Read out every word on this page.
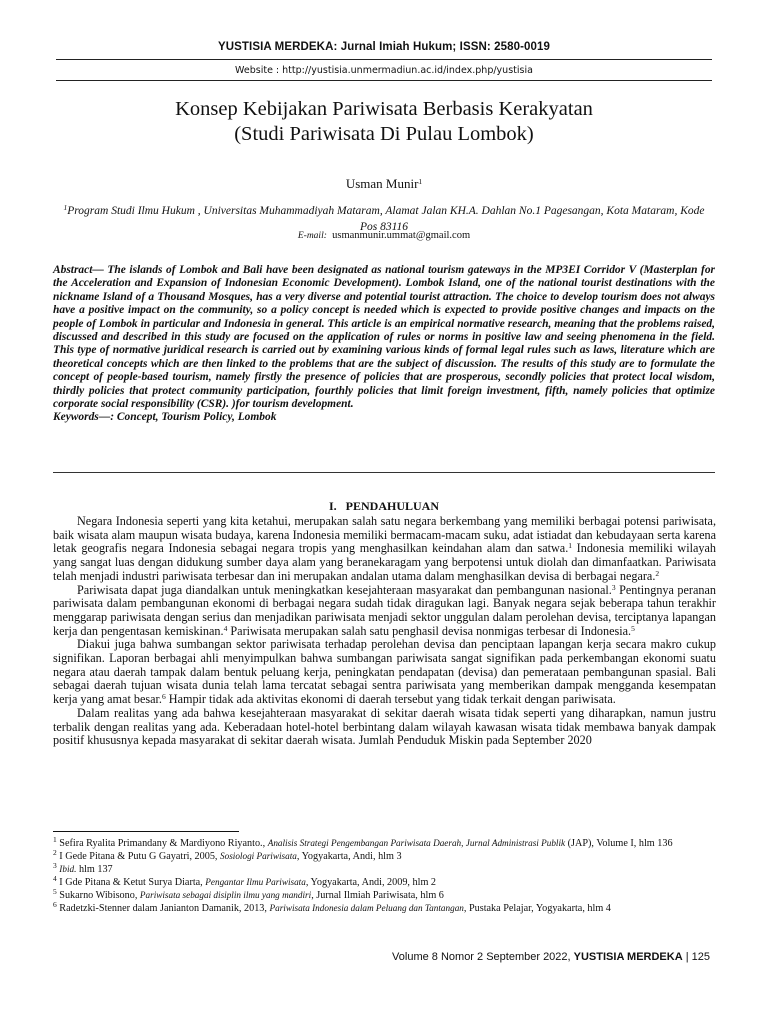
YUSTISIA MERDEKA: Jurnal Imiah Hukum; ISSN: 2580-0019
Website : http://yustisia.unmermadiun.ac.id/index.php/yustisia
Konsep Kebijakan Pariwisata Berbasis Kerakyatan
(Studi Pariwisata Di Pulau Lombok)
Usman Munir$^1$
$^1$Program Studi Ilmu Hukum , Universitas Muhammadiyah Mataram, Alamat Jalan KH.A. Dahlan No.1 Pagesangan, Kota Mataram, Kode Pos 83116
E-mail: usmanmunir.ummat@gmail.com

Abstract— The islands of Lombok and Bali have been designated as national tourism gateways in the MP3EI Corridor V (Masterplan for the Acceleration and Expansion of Indonesian Economic Development). Lombok Island, one of the national tourist destinations with the nickname Island of a Thousand Mosques, has a very diverse and potential tourist attraction. The choice to develop tourism does not always have a positive impact on the community, so a policy concept is needed which is expected to provide positive changes and impacts on the people of Lombok in particular and Indonesia in general. This article is an empirical normative research, meaning that the problems raised, discussed and described in this study are focused on the application of rules or norms in positive law and seeing phenomena in the field. This type of normative juridical research is carried out by examining various kinds of formal legal rules such as laws, literature which are theoretical concepts which are then linked to the problems that are the subject of discussion. The results of this study are to formulate the concept of people-based tourism, namely firstly the presence of policies that are prosperous, secondly policies that protect local wisdom, thirdly policies that protect community participation, fourthly policies that limit foreign investment, fifth, namely policies that optimize corporate social responsibility (CSR). )for tourism development.

Keywords—: Concept, Tourism Policy, Lombok

I. PENDAHULUAN

Negara Indonesia seperti yang kita ketahui, merupakan salah satu negara berkembang yang memiliki berbagai potensi pariwisata, baik wisata alam maupun wisata budaya, karena Indonesia memiliki bermacam-macam suku, adat istiadat dan kebudayaan serta karena letak geografis negara Indonesia sebagai negara tropis yang menghasilkan keindahan alam dan satwa.$^1$ Indonesia memiliki wilayah yang sangat luas dengan didukung sumber daya alam yang beranekaragam yang berpotensi untuk diolah dan dimanfaatkan. Pariwisata telah menjadi industri pariwisata terbesar dan ini merupakan andalan utama dalam menghasilkan devisa di berbagai negara.$^2$

Pariwisata dapat juga diandalkan untuk meningkatkan kesejahteraan masyarakat dan pembangunan nasional.$^3$ Pentingnya peranan pariwisata dalam pembangunan ekonomi di berbagai negara sudah tidak diragukan lagi. Banyak negara sejak beberapa tahun terakhir menggarap pariwisata dengan serius dan menjadikan pariwisata menjadi sektor unggulan dalam perolehan devisa, terciptanya lapangan kerja dan pengentasan kemiskinan.$^4$ Pariwisata merupakan salah satu penghasil devisa nonmigas terbesar di Indonesia.$^5$

Diakui juga bahwa sumbangan sektor pariwisata terhadap perolehan devisa dan penciptaan lapangan kerja secara makro cukup signifikan. Laporan berbagai ahli menyimpulkan bahwa sumbangan pariwisata sangat signifikan pada perkembangan ekonomi suatu negara atau daerah tampak dalam bentuk peluang kerja, peningkatan pendapatan (devisa) dan pemerataan pembangunan spasial. Bali sebagai daerah tujuan wisata dunia telah lama tercatat sebagai sentra pariwisata yang memberikan dampak mengganda kesempatan kerja yang amat besar.$^6$ Hampir tidak ada aktivitas ekonomi di daerah tersebut yang tidak terkait dengan pariwisata.

Dalam realitas yang ada bahwa kesejahteraan masyarakat di sekitar daerah wisata tidak seperti yang diharapkan, namun justru terbalik dengan realitas yang ada. Keberadaan hotel-hotel berbintang dalam wilayah kawasan wisata tidak membawa banyak dampak positif khususnya kepada masyarakat di sekitar daerah wisata. Jumlah Penduduk Miskin pada September 2020

$^1$ Sefira Ryalita Primandany & Mardiyono Riyanto., Analisis Strategi Pengembangan Pariwisata Daerah, Jurnal Administrasi Publik (JAP), Volume I, hlm 136
$^2$ I Gede Pitana & Putu G Gayatri, 2005, Sosiologi Pariwisata, Yogyakarta, Andi, hlm 3
$^3$ Ibid. hlm 137
$^4$ I Gde Pitana & Ketut Surya Diarta, Pengantar Ilmu Pariwisata, Yogyakarta, Andi, 2009, hlm 2
$^5$ Sukarno Wibisono, Pariwisata sebagai disiplin ilmu yang mandiri, Jurnal Ilmiah Pariwisata, hlm 6
$^6$ Radetzki-Stenner dalam Janianton Damanik, 2013, Pariwisata Indonesia dalam Peluang dan Tantangan, Pustaka Pelajar, Yogyakarta, hlm 4
Volume 8 Nomor 2 September 2022, YUSTISIA MERDEKA | 125
